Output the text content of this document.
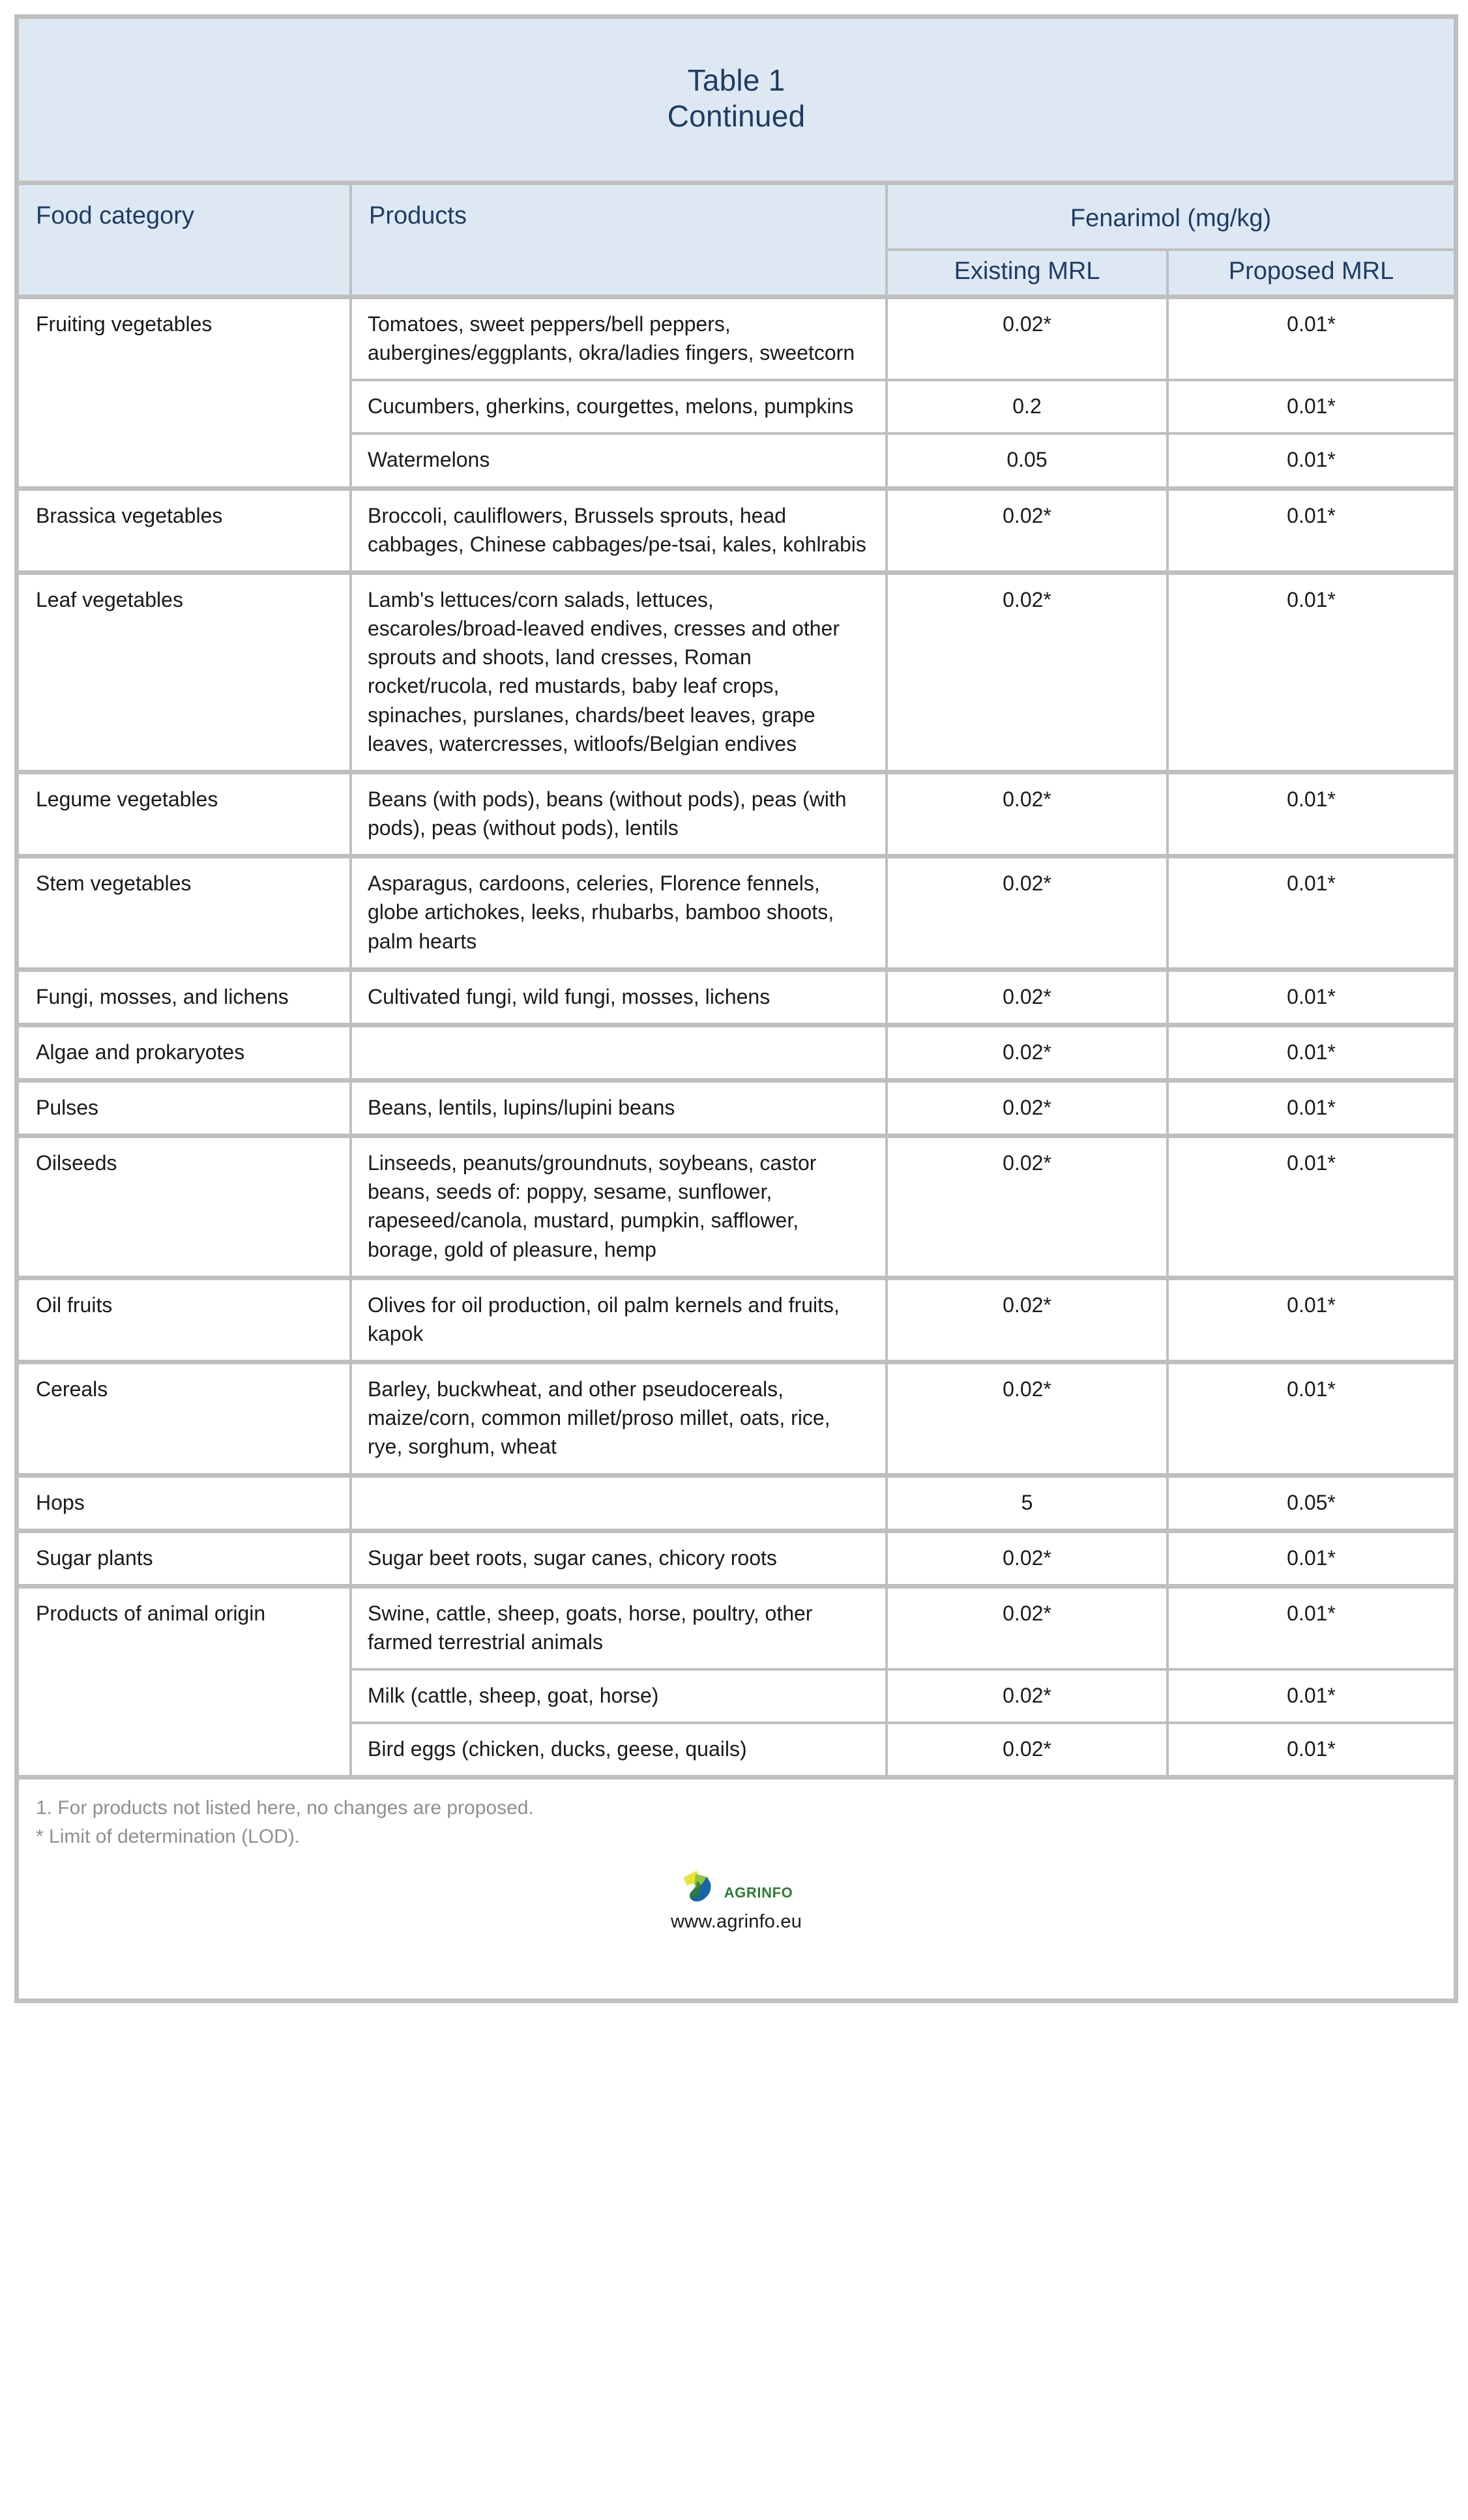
Table 1
Continued			

Food category	Products	Fenarimol (mg/kg)	
		Existing MRL	Proposed MRL
Fruiting vegetables	Tomatoes, sweet peppers/bell peppers, aubergines/eggplants, okra/ladies fingers, sweetcorn	0.02*	0.01*
	Cucumbers, gherkins, courgettes, melons, pumpkins	0.2	0.01*
	Watermelons	0.05	0.01*
Brassica vegetables	Broccoli, cauliflowers, Brussels sprouts, head cabbages, Chinese cabbages/pe-tsai, kales, kohlrabis	0.02*	0.01*
Leaf vegetables	Lamb's lettuces/corn salads, lettuces, escaroles/broad-leaved endives, cresses and other sprouts and shoots, land cresses, Roman rocket/rucola, red mustards, baby leaf crops, spinaches, purslanes, chards/beet leaves, grape leaves, watercresses, witloofs/Belgian endives	0.02*	0.01*
Legume vegetables	Beans (with pods), beans (without pods), peas (with pods), peas (without pods), lentils	0.02*	0.01*
Stem vegetables	Asparagus, cardoons, celeries, Florence fennels, globe artichokes, leeks, rhubarbs, bamboo shoots, palm hearts	0.02*	0.01*
Fungi, mosses, and lichens	Cultivated fungi, wild fungi, mosses, lichens	0.02*	0.01*
Algae and prokaryotes		0.02*	0.01*
Pulses	Beans, lentils, lupins/lupini beans	0.02*	0.01*
Oilseeds	Linseeds, peanuts/groundnuts, soybeans, castor beans, seeds of: poppy, sesame, sunflower, rapeseed/canola, mustard, pumpkin, safflower, borage, gold of pleasure, hemp	0.02*	0.01*
Oil fruits	Olives for oil production, oil palm kernels and fruits, kapok	0.02*	0.01*
Cereals	Barley, buckwheat, and other pseudocereals, maize/corn, common millet/proso millet, oats, rice, rye, sorghum, wheat	0.02*	0.01*
Hops		5	0.05*
Sugar plants	Sugar beet roots, sugar canes, chicory roots	0.02*	0.01*
Products of animal origin	Swine, cattle, sheep, goats, horse, poultry, other farmed terrestrial animals	0.02*	0.01*
	Milk (cattle, sheep, goat, horse)	0.02*	0.01*
	Bird eggs (chicken, ducks, geese, quails)	0.02*	0.01*

1. For products not listed here, no changes are proposed.
* Limit of determination (LOD).
AGRINFO
www.agrinfo.eu			
